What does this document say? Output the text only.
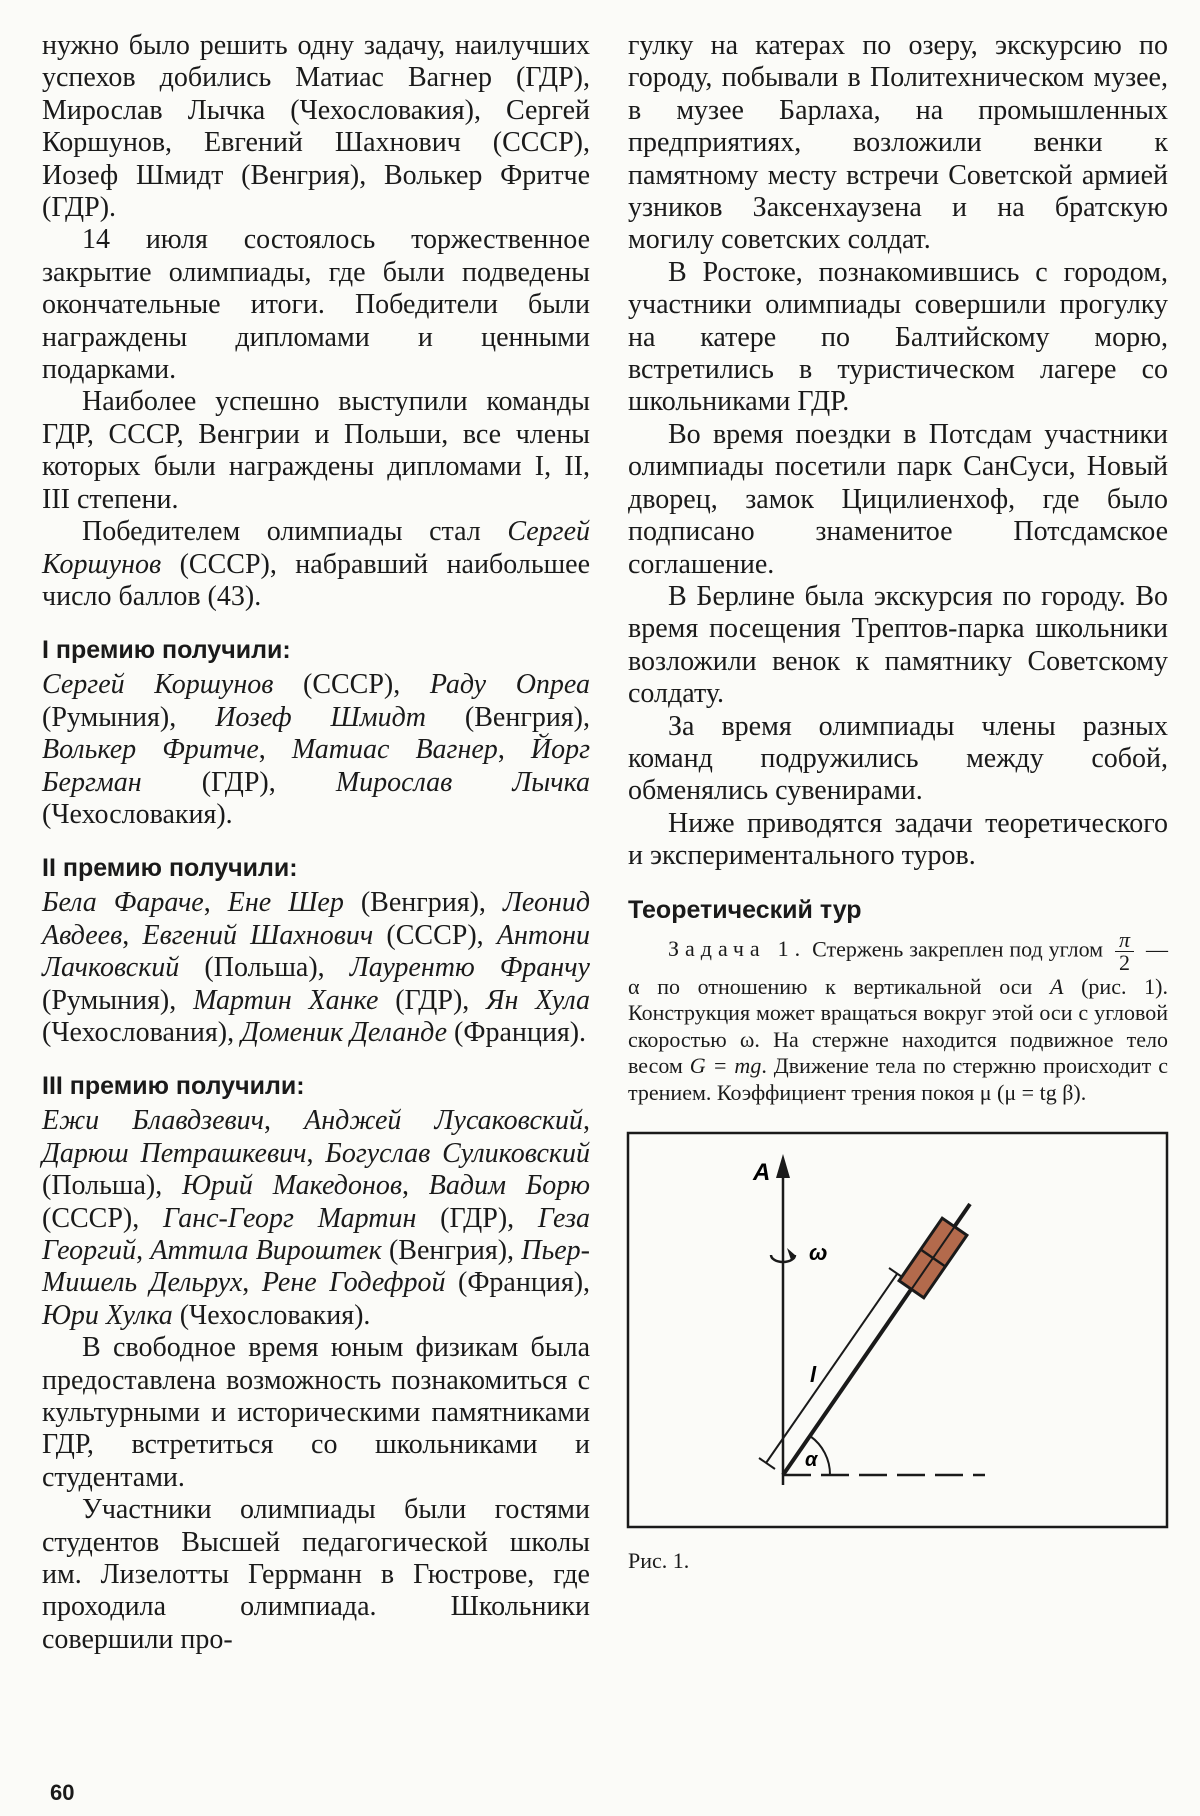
нужно было решить одну задачу, наилучших успехов добились Матиас Вагнер (ГДР), Мирослав Лычка (Чехословакия), Сергей Коршунов, Евгений Шахнович (СССР), Иозеф Шмидт (Венгрия), Волькер Фритче (ГДР).

14 июля состоялось торжественное закрытие олимпиады, где были подведены окончательные итоги. Победители были награждены дипломами и ценными подарками.

Наиболее успешно выступили команды ГДР, СССР, Венгрии и Польши, все члены которых были награждены дипломами I, II, III степени.

Победителем олимпиады стал Сергей Коршунов (СССР), набравший наибольшее число баллов (43).

I премию получили:
Сергей Коршунов (СССР), Раду Опреа (Румыния), Иозеф Шмидт (Венгрия), Волькер Фритче, Матиас Вагнер, Йорг Бергман (ГДР), Мирослав Лычка (Чехословакия).
II премию получили:
Бела Фараче, Ене Шер (Венгрия), Леонид Авдеев, Евгений Шахнович (СССР), Антони Лачковский (Польша), Лаурентю Франчу (Румыния), Мартин Ханке (ГДР), Ян Хула (Чехослования), Доменик Деланде (Франция).
III премию получили:
Ежи Блавдзевич, Анджей Лусаковский, Дарюш Петрашкевич, Богуслав Суликовский (Польша), Юрий Македонов, Вадим Борю (СССР), Ганс-Георг Мартин (ГДР), Геза Георгий, Аттила Вироштек (Венгрия), Пьер-Мишель Дельрух, Рене Годефрой (Франция), Юри Хулка (Чехословакия).

В свободное время юным физикам была предоставлена возможность познакомиться с культурными и историческими памятниками ГДР, встретиться со школьниками и студентами.

Участники олимпиады были гостями студентов Высшей педагогической школы им. Лизелотты Геррманн в Гюстрове, где проходила олимпиада. Школьники совершили про-

гулку на катерах по озеру, экскурсию по городу, побывали в Политехническом музее, в музее Барлаха, на промышленных предприятиях, возложили венки к памятному месту встречи Советской армией узников Заксенхаузена и на братскую могилу советских солдат.

В Ростоке, познакомившись с городом, участники олимпиады совершили прогулку на катере по Балтийскому морю, встретились в туристическом лагере со школьниками ГДР.

Во время поездки в Потсдам участники олимпиады посетили парк СанСуси, Новый дворец, замок Цицилиенхоф, где было подписано знаменитое Потсдамское соглашение.

В Берлине была экскурсия по городу. Во время посещения Трептов-парка школьники возложили венок к памятнику Советскому солдату.

За время олимпиады члены разных команд подружились между собой, обменялись сувенирами.

Ниже приводятся задачи теоретического и экспериментального туров.

Теоретический тур
Задача 1. Стержень закреплен под углом $\frac{\pi}{2}$ — α по отношению к вертикальной оси A (рис. 1). Конструкция может вращаться вокруг этой оси с угловой скоростью ω. На стержне находится подвижное тело весом G = mg. Движение тела по стержню происходит с трением. Коэффициент трения покоя μ (μ = tg β).
A
ω
α
l
Рис. 1.
60
